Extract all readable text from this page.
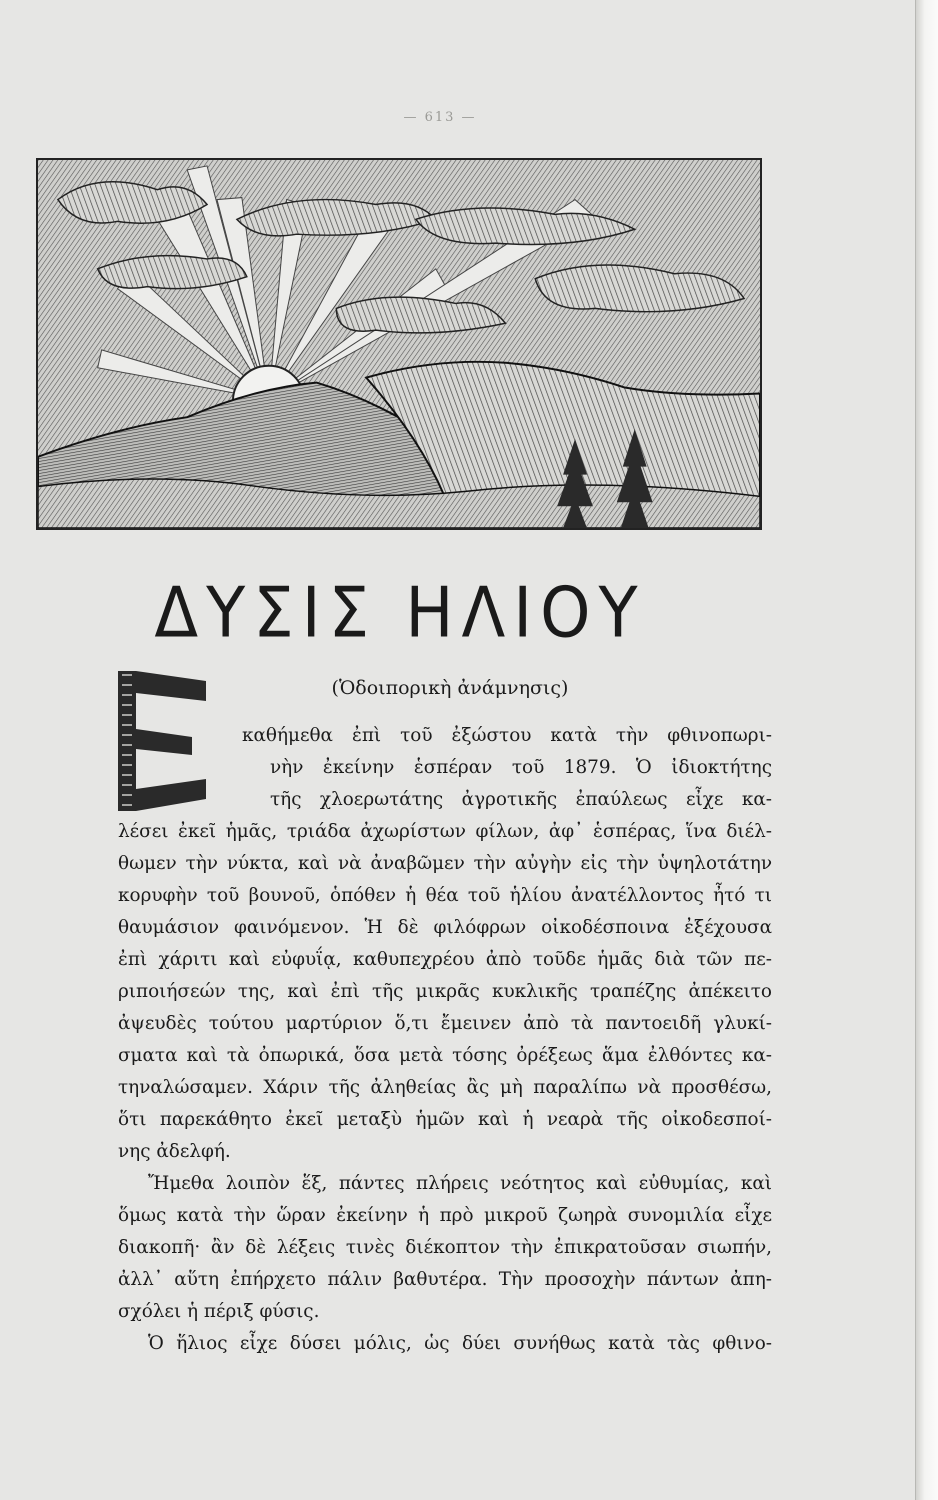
— 613 —
ΔΥΣΙΣ ΗΛΙΟΥ
(Ὁδοιπορικὴ ἀνάμνησις)
καθήμεθα ἐπὶ τοῦ ἐξώστου κατὰ τὴν φθινοπωρι-
νὴν ἐκείνην ἑσπέραν τοῦ 1879. Ὁ ἰδιοκτήτης
τῆς χλοερωτάτης ἀγροτικῆς ἐπαύλεως εἶχε κα-
λέσει ἐκεῖ ἡμᾶς, τριάδα ἀχωρίστων φίλων, ἀφ᾽ ἑσπέρας, ἵνα διέλ-
θωμεν τὴν νύκτα, καὶ νὰ ἀναβῶμεν τὴν αὐγὴν εἰς τὴν ὑψηλοτάτην
κορυφὴν τοῦ βουνοῦ, ὁπόθεν ἡ θέα τοῦ ἡλίου ἀνατέλλοντος ἦτό τι
θαυμάσιον φαινόμενον. Ἡ δὲ φιλόφρων οἰκοδέσποινα ἐξέχουσα
ἐπὶ χάριτι καὶ εὐφυΐᾳ, καθυπεχρέου ἀπὸ τοῦδε ἡμᾶς διὰ τῶν πε-
ριποιήσεών της, καὶ ἐπὶ τῆς μικρᾶς κυκλικῆς τραπέζης ἀπέκειτο
ἀψευδὲς τούτου μαρτύριον ὅ,τι ἔμεινεν ἀπὸ τὰ παντοειδῆ γλυκί-
σματα καὶ τὰ ὀπωρικά, ὅσα μετὰ τόσης ὀρέξεως ἅμα ἐλθόντες κα-
τηναλώσαμεν. Χάριν τῆς ἀληθείας ἂς μὴ παραλίπω νὰ προσθέσω,
ὅτι παρεκάθητο ἐκεῖ μεταξὺ ἡμῶν καὶ ἡ νεαρὰ τῆς οἰκοδεσποί-
νης ἀδελφή.
Ἤμεθα λοιπὸν ἕξ, πάντες πλήρεις νεότητος καὶ εὐθυμίας, καὶ
ὅμως κατὰ τὴν ὥραν ἐκείνην ἡ πρὸ μικροῦ ζωηρὰ συνομιλία εἶχε
διακοπῆ· ἂν δὲ λέξεις τινὲς διέκοπτον τὴν ἐπικρατοῦσαν σιωπήν,
ἀλλ᾽ αὕτη ἐπήρχετο πάλιν βαθυτέρα. Τὴν προσοχὴν πάντων ἀπη-
σχόλει ἡ πέριξ φύσις.
Ὁ ἥλιος εἶχε δύσει μόλις, ὡς δύει συνήθως κατὰ τὰς φθινο-
